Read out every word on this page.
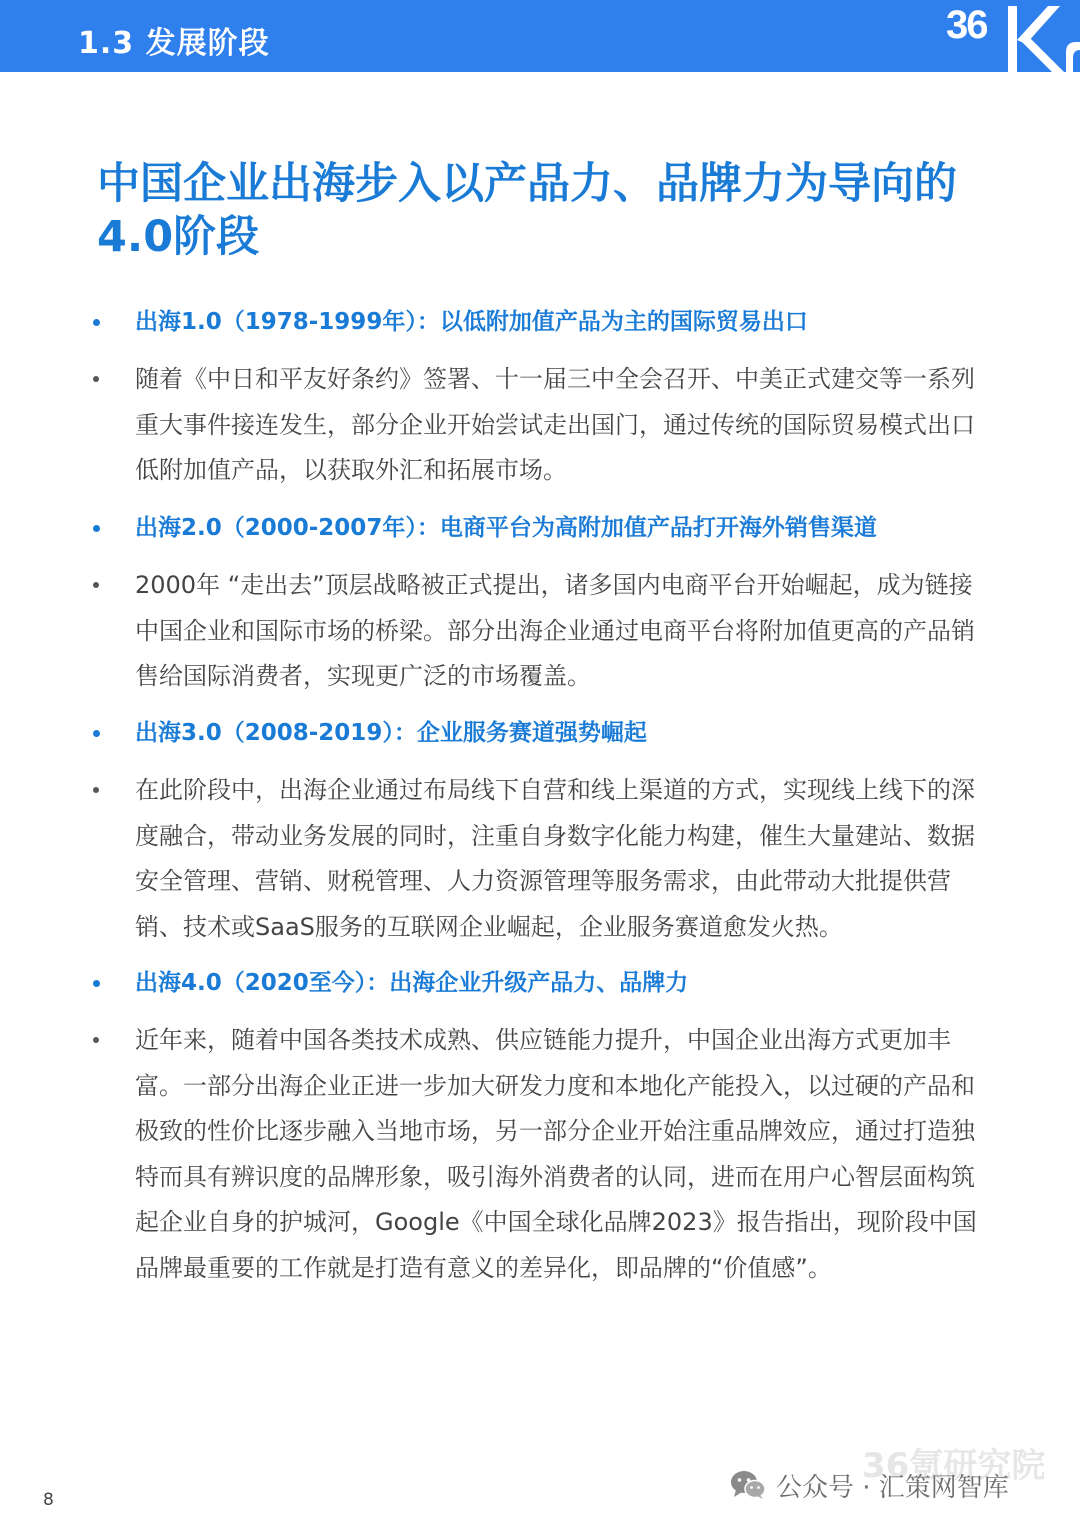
1.3 发展阶段	36
中国企业出海步入以产品力、品牌力为导向的4.0阶段
出海1.0（1978-1999年）：以低附加值产品为主的国际贸易出口
随着《中日和平友好条约》签署、十一届三中全会召开、中美正式建交等一系列重大事件接连发生，部分企业开始尝试走出国门，通过传统的国际贸易模式出口低附加值产品，以获取外汇和拓展市场。
出海2.0（2000-2007年）：电商平台为高附加值产品打开海外销售渠道
2000年 “走出去”顶层战略被正式提出，诸多国内电商平台开始崛起，成为链接中国企业和国际市场的桥梁。部分出海企业通过电商平台将附加值更高的产品销售给国际消费者，实现更广泛的市场覆盖。
出海3.0（2008-2019）：企业服务赛道强势崛起
在此阶段中，出海企业通过布局线下自营和线上渠道的方式，实现线上线下的深度融合，带动业务发展的同时，注重自身数字化能力构建，催生大量建站、数据安全管理、营销、财税管理、人力资源管理等服务需求，由此带动大批提供营销、技术或SaaS服务的互联网企业崛起，企业服务赛道愈发火热。
出海4.0（2020至今）：出海企业升级产品力、品牌力
近年来，随着中国各类技术成熟、供应链能力提升，中国企业出海方式更加丰富。一部分出海企业正进一步加大研发力度和本地化产能投入，以过硬的产品和极致的性价比逐步融入当地市场，另一部分企业开始注重品牌效应，通过打造独特而具有辨识度的品牌形象，吸引海外消费者的认同，进而在用户心智层面构筑起企业自身的护城河，Google《中国全球化品牌2023》报告指出，现阶段中国品牌最重要的工作就是打造有意义的差异化，即品牌的“价值感”。
36氪研究院
8	公众号 · 汇策网智库
